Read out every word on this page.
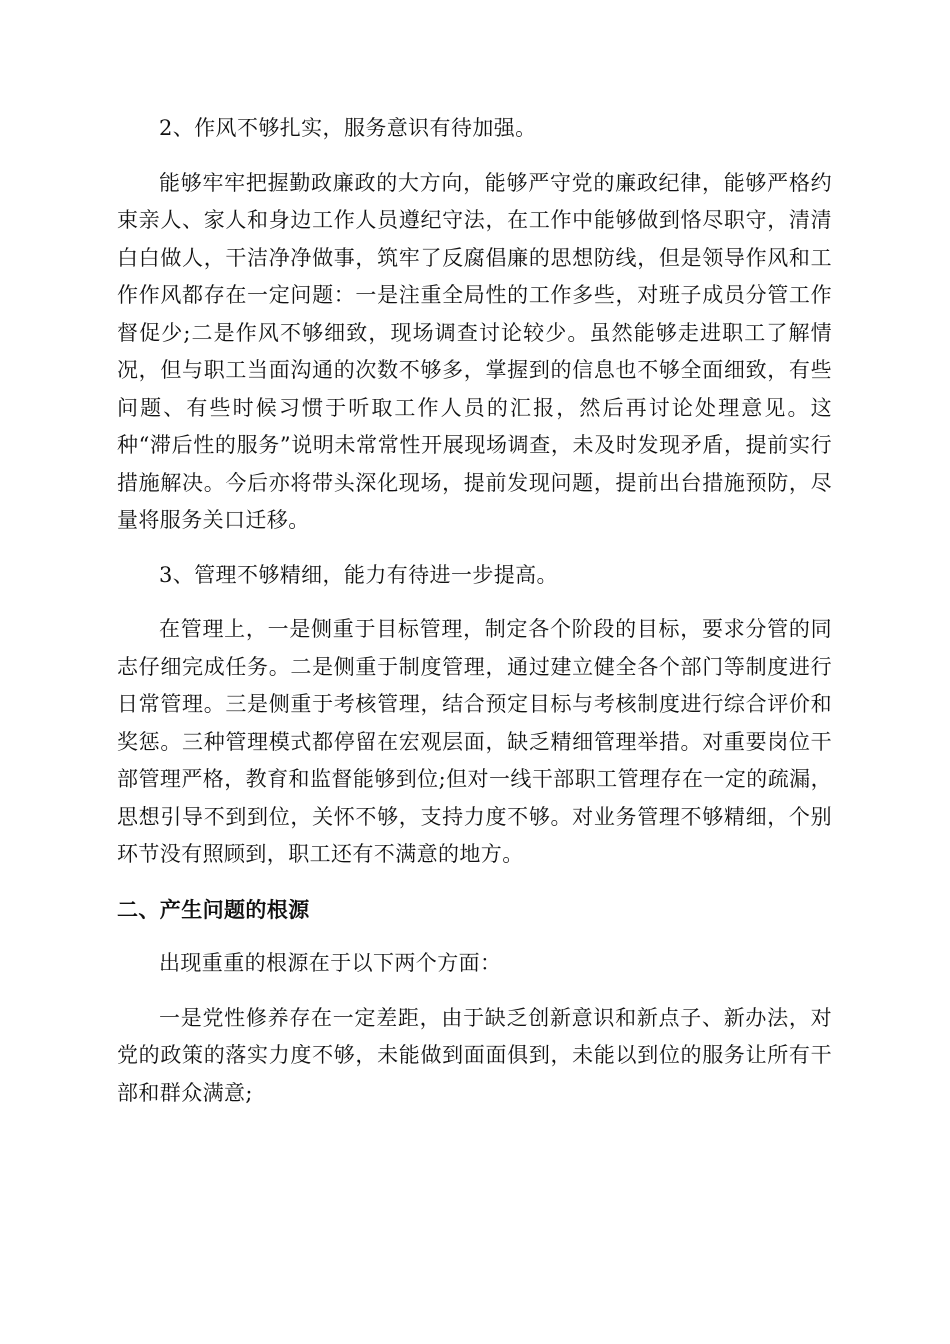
2、作风不够扎实，服务意识有待加强。

能够牢牢把握勤政廉政的大方向，能够严守党的廉政纪律，能够严格约束亲人、家人和身边工作人员遵纪守法，在工作中能够做到恪尽职守，清清白白做人，干洁净净做事，筑牢了反腐倡廉的思想防线，但是领导作风和工作作风都存在一定问题：一是注重全局性的工作多些，对班子成员分管工作督促少;二是作风不够细致，现场调查讨论较少。虽然能够走进职工了解情况，但与职工当面沟通的次数不够多，掌握到的信息也不够全面细致，有些问题、有些时候习惯于听取工作人员的汇报，然后再讨论处理意见。这种“滞后性的服务”说明未常常性开展现场调查，未及时发现矛盾，提前实行措施解决。今后亦将带头深化现场，提前发现问题，提前出台措施预防，尽量将服务关口迁移。

3、管理不够精细，能力有待进一步提高。

在管理上，一是侧重于目标管理，制定各个阶段的目标，要求分管的同志仔细完成任务。二是侧重于制度管理，通过建立健全各个部门等制度进行日常管理。三是侧重于考核管理，结合预定目标与考核制度进行综合评价和奖惩。三种管理模式都停留在宏观层面，缺乏精细管理举措。对重要岗位干部管理严格，教育和监督能够到位;但对一线干部职工管理存在一定的疏漏，思想引导不到到位，关怀不够，支持力度不够。对业务管理不够精细，个别环节没有照顾到，职工还有不满意的地方。

二、产生问题的根源

出现重重的根源在于以下两个方面：

一是党性修养存在一定差距，由于缺乏创新意识和新点子、新办法，对党的政策的落实力度不够，未能做到面面俱到，未能以到位的服务让所有干部和群众满意;
